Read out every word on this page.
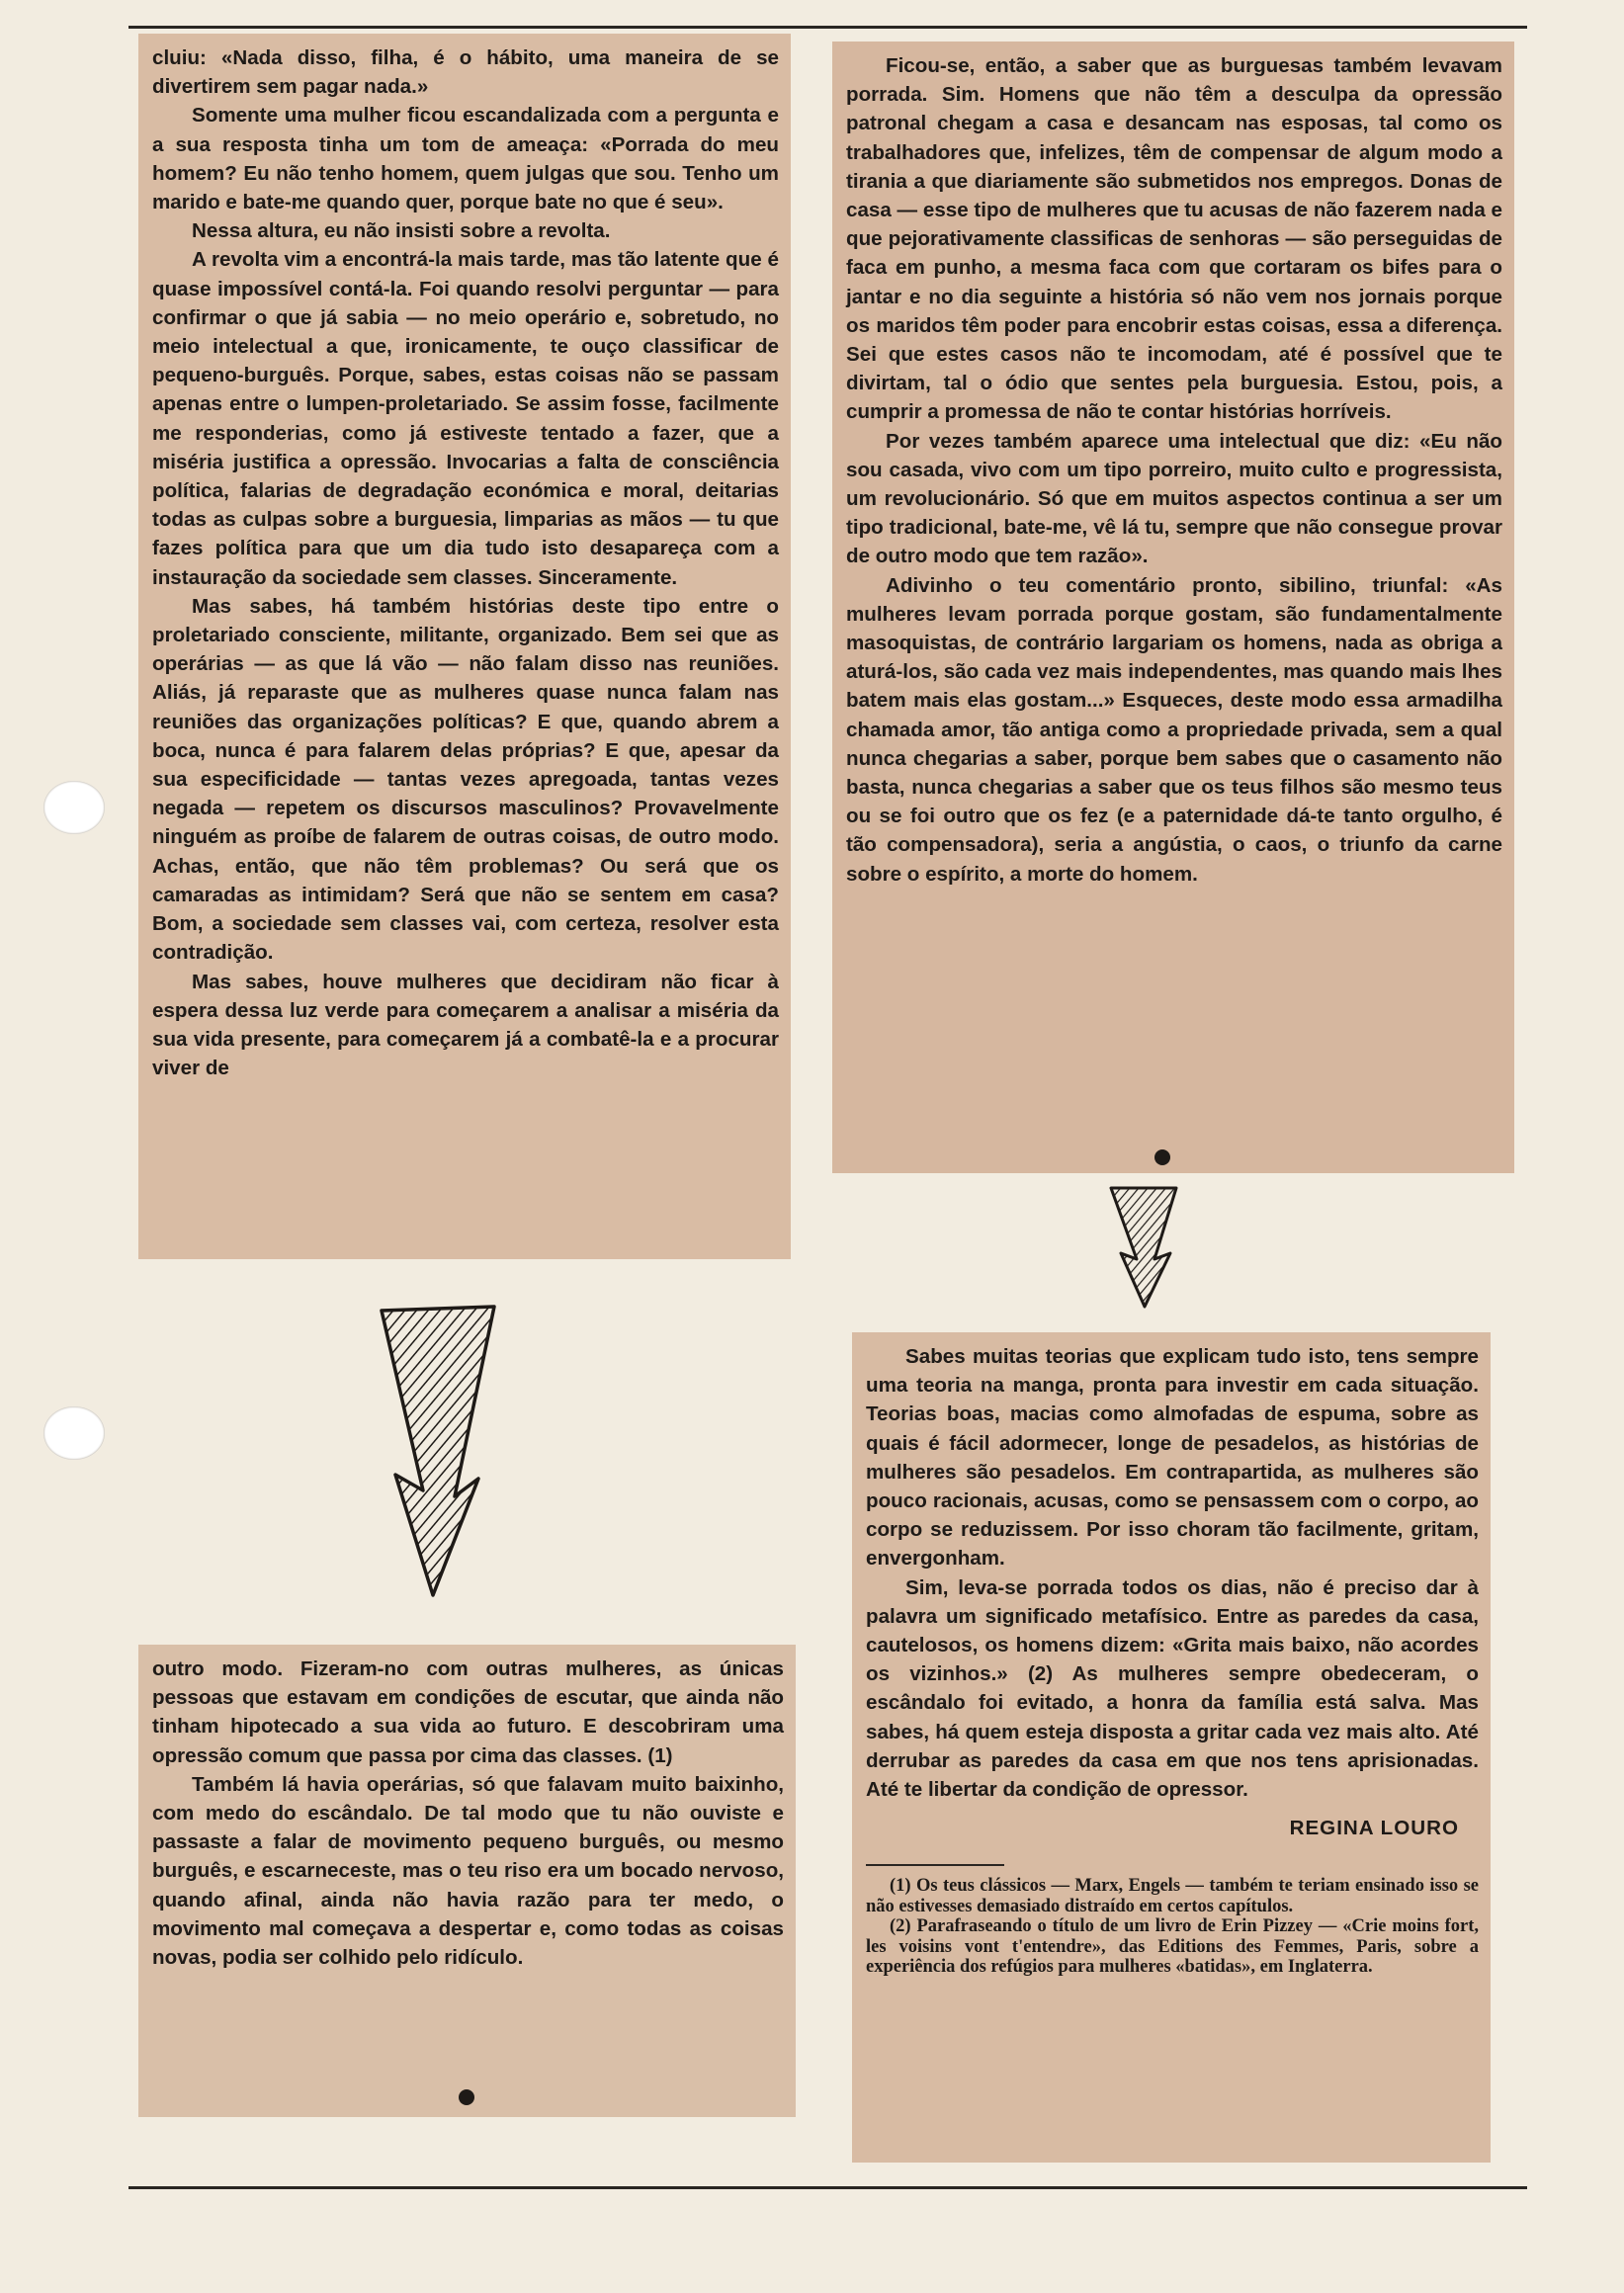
cluiu: «Nada disso, filha, é o hábito, uma maneira de se divertirem sem pagar nada.»

Somente uma mulher ficou escandalizada com a pergunta e a sua resposta tinha um tom de ameaça: «Porrada do meu homem? Eu não tenho homem, quem julgas que sou. Tenho um marido e bate-me quando quer, porque bate no que é seu».

Nessa altura, eu não insisti sobre a revolta.

A revolta vim a encontrá-la mais tarde, mas tão latente que é quase impossível contá-la. Foi quando resolvi perguntar — para confirmar o que já sabia — no meio operário e, sobretudo, no meio intelectual a que, ironicamente, te ouço classificar de pequeno-burguês. Porque, sabes, estas coisas não se passam apenas entre o lumpen-proletariado. Se assim fosse, facilmente me responderias, como já estiveste tentado a fazer, que a miséria justifica a opressão. Invocarias a falta de consciência política, falarias de degradação económica e moral, deitarias todas as culpas sobre a burguesia, limparias as mãos — tu que fazes política para que um dia tudo isto desapareça com a instauração da sociedade sem classes. Sinceramente.

Mas sabes, há também histórias deste tipo entre o proletariado consciente, militante, organizado. Bem sei que as operárias — as que lá vão — não falam disso nas reuniões. Aliás, já reparaste que as mulheres quase nunca falam nas reuniões das organizações políticas? E que, quando abrem a boca, nunca é para falarem delas próprias? E que, apesar da sua especificidade — tantas vezes apregoada, tantas vezes negada — repetem os discursos masculinos? Provavelmente ninguém as proíbe de falarem de outras coisas, de outro modo. Achas, então, que não têm problemas? Ou será que os camaradas as intimidam? Será que não se sentem em casa? Bom, a sociedade sem classes vai, com certeza, resolver esta contradição.

Mas sabes, houve mulheres que decidiram não ficar à espera dessa luz verde para começarem a analisar a miséria da sua vida presente, para começarem já a combatê-la e a procurar viver de

Ficou-se, então, a saber que as burguesas também levavam porrada. Sim. Homens que não têm a desculpa da opressão patronal chegam a casa e desancam nas esposas, tal como os trabalhadores que, infelizes, têm de compensar de algum modo a tirania a que diariamente são submetidos nos empregos. Donas de casa — esse tipo de mulheres que tu acusas de não fazerem nada e que pejorativamente classificas de senhoras — são perseguidas de faca em punho, a mesma faca com que cortaram os bifes para o jantar e no dia seguinte a história só não vem nos jornais porque os maridos têm poder para encobrir estas coisas, essa a diferença. Sei que estes casos não te incomodam, até é possível que te divirtam, tal o ódio que sentes pela burguesia. Estou, pois, a cumprir a promessa de não te contar histórias horríveis.

Por vezes também aparece uma intelectual que diz: «Eu não sou casada, vivo com um tipo porreiro, muito culto e progressista, um revolucionário. Só que em muitos aspectos continua a ser um tipo tradicional, bate-me, vê lá tu, sempre que não consegue provar de outro modo que tem razão».

Adivinho o teu comentário pronto, sibilino, triunfal: «As mulheres levam porrada porque gostam, são fundamentalmente masoquistas, de contrário largariam os homens, nada as obriga a aturá-los, são cada vez mais independentes, mas quando mais lhes batem mais elas gostam...» Esqueces, deste modo essa armadilha chamada amor, tão antiga como a propriedade privada, sem a qual nunca chegarias a saber, porque bem sabes que o casamento não basta, nunca chegarias a saber que os teus filhos são mesmo teus ou se foi outro que os fez (e a paternidade dá-te tanto orgulho, é tão compensadora), seria a angústia, o caos, o triunfo da carne sobre o espírito, a morte do homem.

outro modo. Fizeram-no com outras mulheres, as únicas pessoas que estavam em condições de escutar, que ainda não tinham hipotecado a sua vida ao futuro. E descobriram uma opressão comum que passa por cima das classes. (1)

Também lá havia operárias, só que falavam muito baixinho, com medo do escândalo. De tal modo que tu não ouviste e passaste a falar de movimento pequeno burguês, ou mesmo burguês, e escarneceste, mas o teu riso era um bocado nervoso, quando afinal, ainda não havia razão para ter medo, o movimento mal começava a despertar e, como todas as coisas novas, podia ser colhido pelo ridículo.

Sabes muitas teorias que explicam tudo isto, tens sempre uma teoria na manga, pronta para investir em cada situação. Teorias boas, macias como almofadas de espuma, sobre as quais é fácil adormecer, longe de pesadelos, as histórias de mulheres são pesadelos. Em contrapartida, as mulheres são pouco racionais, acusas, como se pensassem com o corpo, ao corpo se reduzissem. Por isso choram tão facilmente, gritam, envergonham.

Sim, leva-se porrada todos os dias, não é preciso dar à palavra um significado metafísico. Entre as paredes da casa, cautelosos, os homens dizem: «Grita mais baixo, não acordes os vizinhos.» (2) As mulheres sempre obedeceram, o escândalo foi evitado, a honra da família está salva. Mas sabes, há quem esteja disposta a gritar cada vez mais alto. Até derrubar as paredes da casa em que nos tens aprisionadas. Até te libertar da condição de opressor.

REGINA LOURO

(1) Os teus clássicos — Marx, Engels — também te teriam ensinado isso se não estivesses demasiado distraído em certos capítulos.

(2) Parafraseando o título de um livro de Erin Pizzey — «Crie moins fort, les voisins vont t'entendre», das Editions des Femmes, Paris, sobre a experiência dos refúgios para mulheres «batidas», em Inglaterra.
